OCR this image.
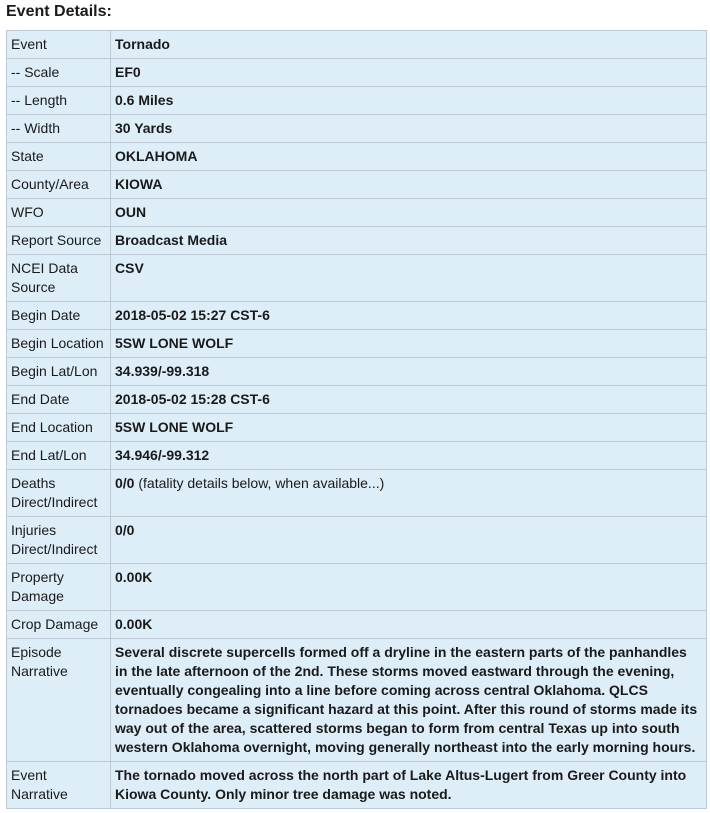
Event Details:
Event	Tornado
-- Scale	EF0
-- Length	0.6 Miles
-- Width	30 Yards
State	OKLAHOMA
County/Area	KIOWA
WFO	OUN
Report Source	Broadcast Media
NCEI Data Source	CSV
Begin Date	2018-05-02 15:27 CST-6
Begin Location	5SW LONE WOLF
Begin Lat/Lon	34.939/-99.318
End Date	2018-05-02 15:28 CST-6
End Location	5SW LONE WOLF
End Lat/Lon	34.946/-99.312
Deaths Direct/Indirect	0/0 (fatality details below, when available...)
Injuries Direct/Indirect	0/0
Property Damage	0.00K
Crop Damage	0.00K
Episode Narrative	Several discrete supercells formed off a dryline in the eastern parts of the panhandles in the late afternoon of the 2nd. These storms moved eastward through the evening, eventually congealing into a line before coming across central Oklahoma. QLCS tornadoes became a significant hazard at this point. After this round of storms made its way out of the area, scattered storms began to form from central Texas up into south western Oklahoma overnight, moving generally northeast into the early morning hours.
Event Narrative	The tornado moved across the north part of Lake Altus-Lugert from Greer County into Kiowa County. Only minor tree damage was noted.
